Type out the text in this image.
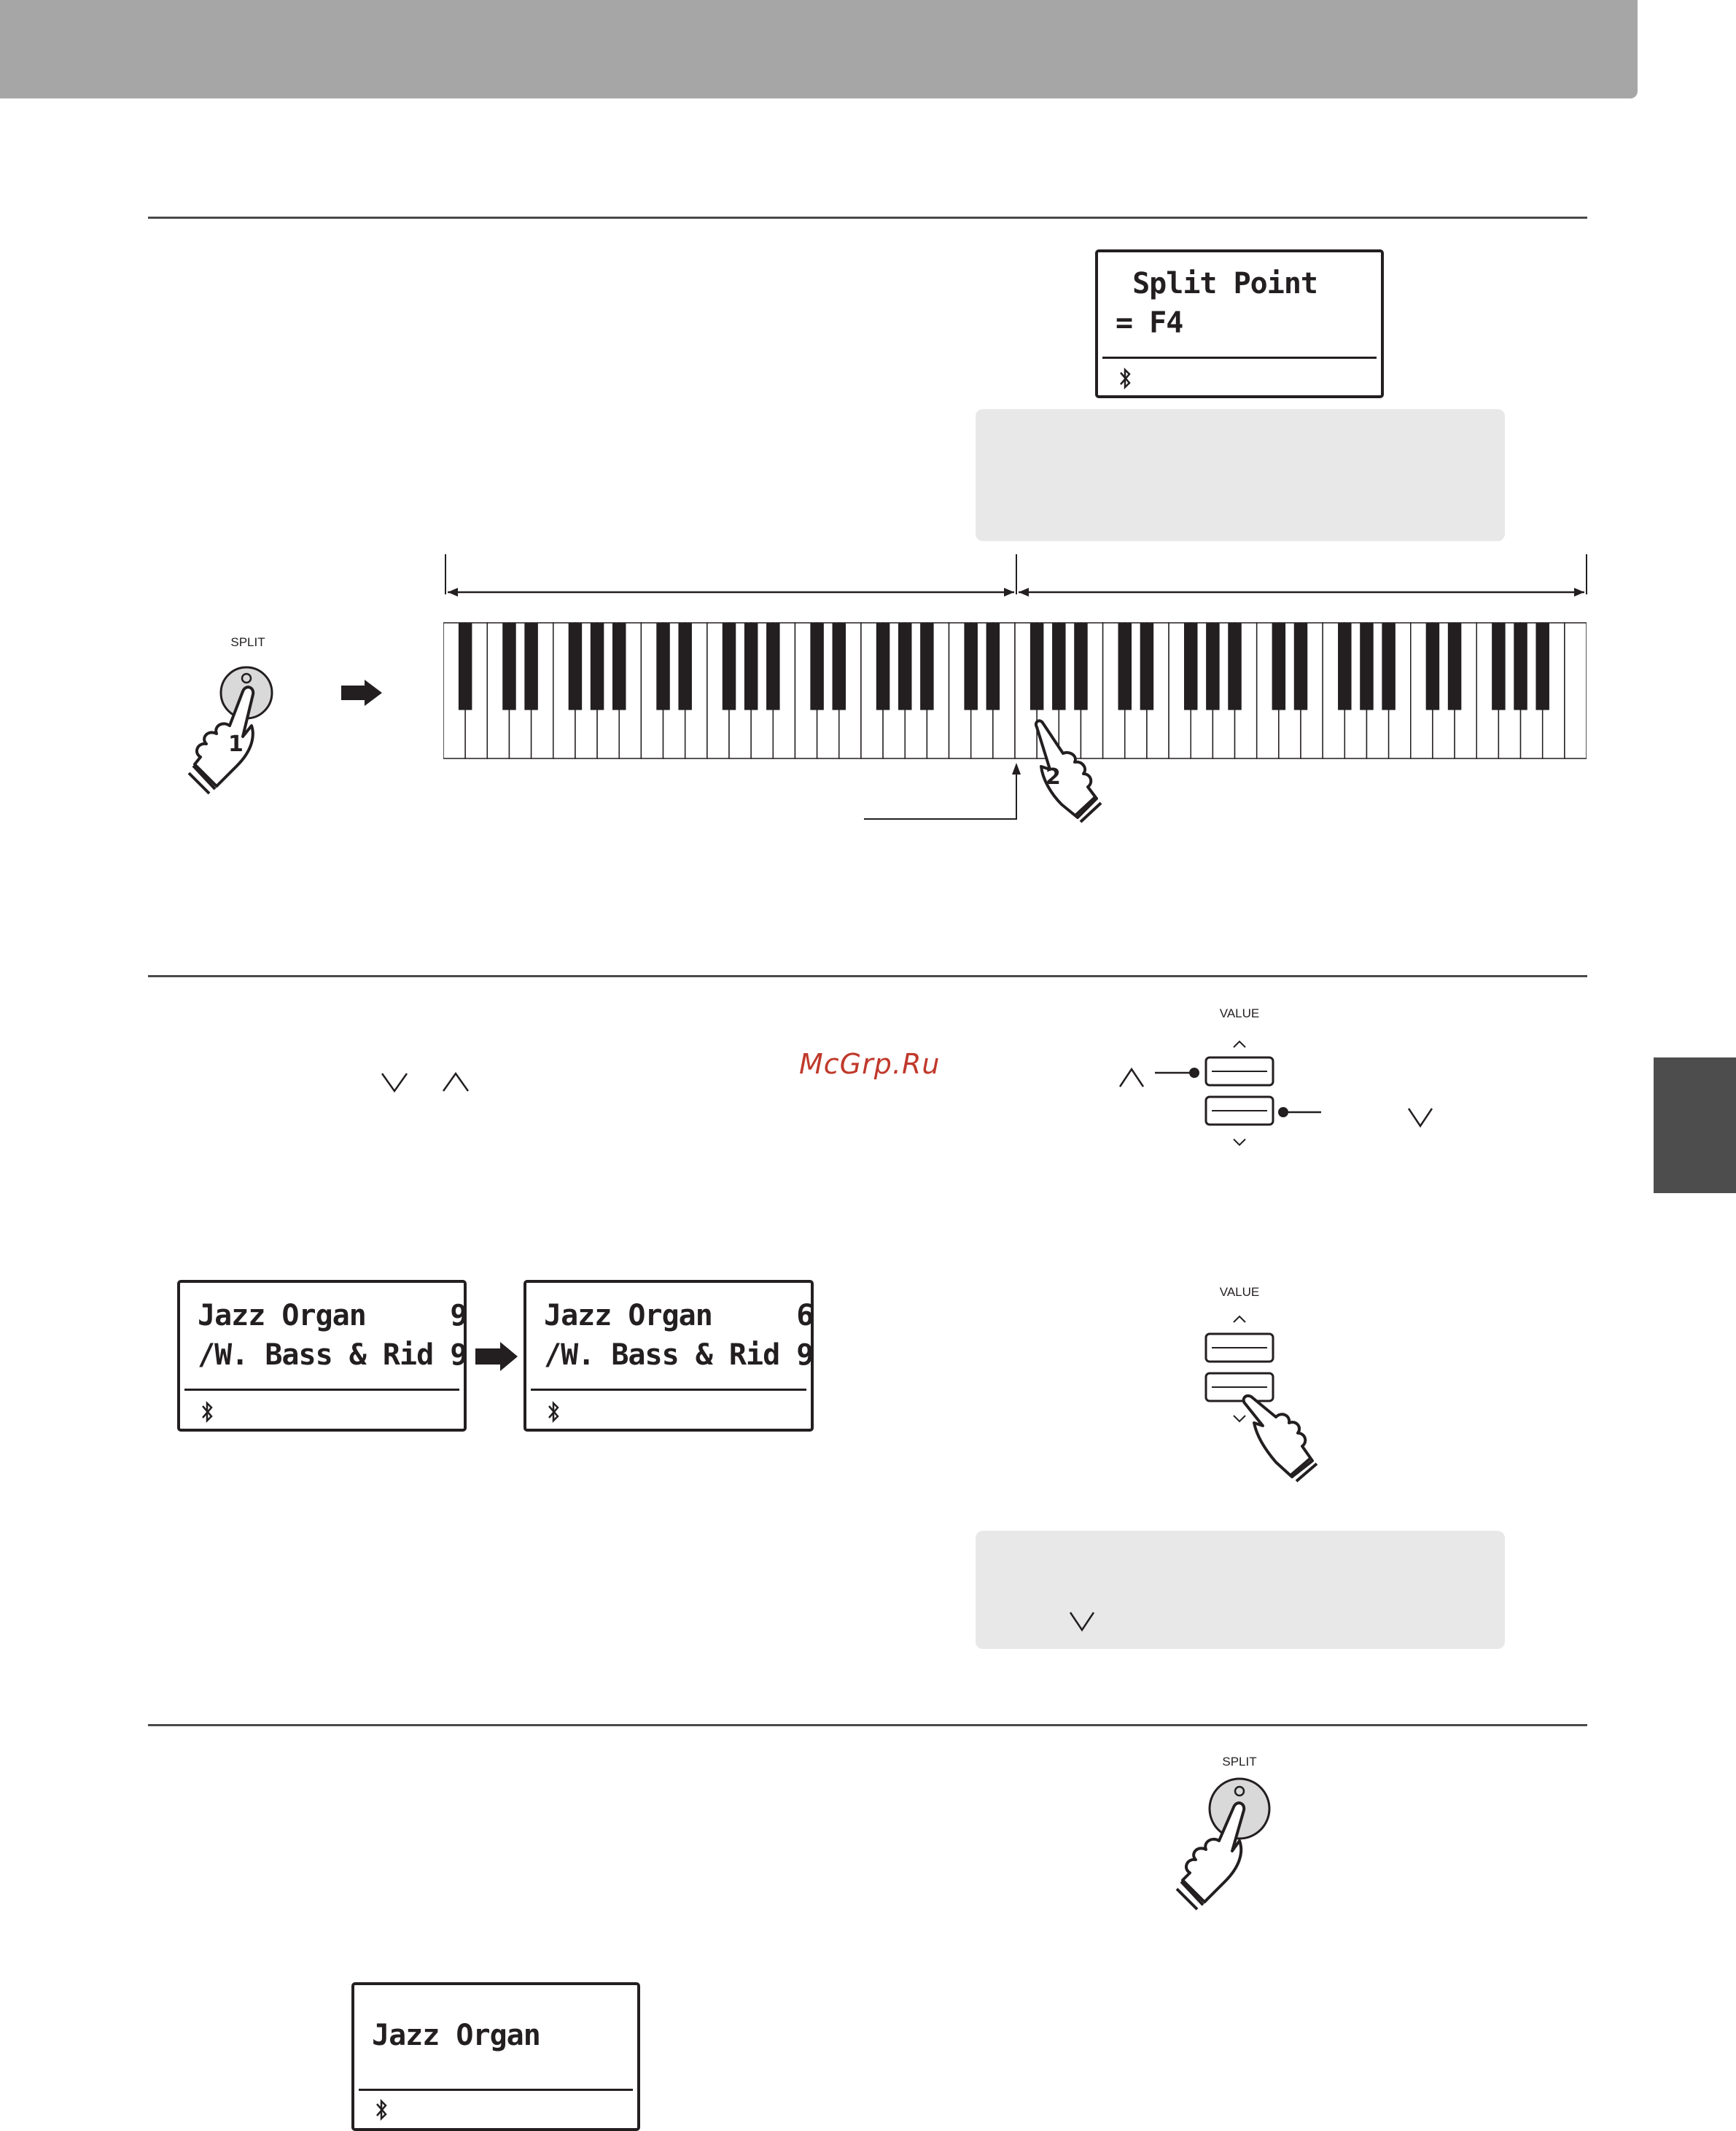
Split Point
= F4
SPLIT
1
2
McGrp.Ru
VALUE
Jazz Organ     9
/W. Bass & Rid 9
Jazz Organ     6
/W. Bass & Rid 9
VALUE
SPLIT
Jazz Organ
